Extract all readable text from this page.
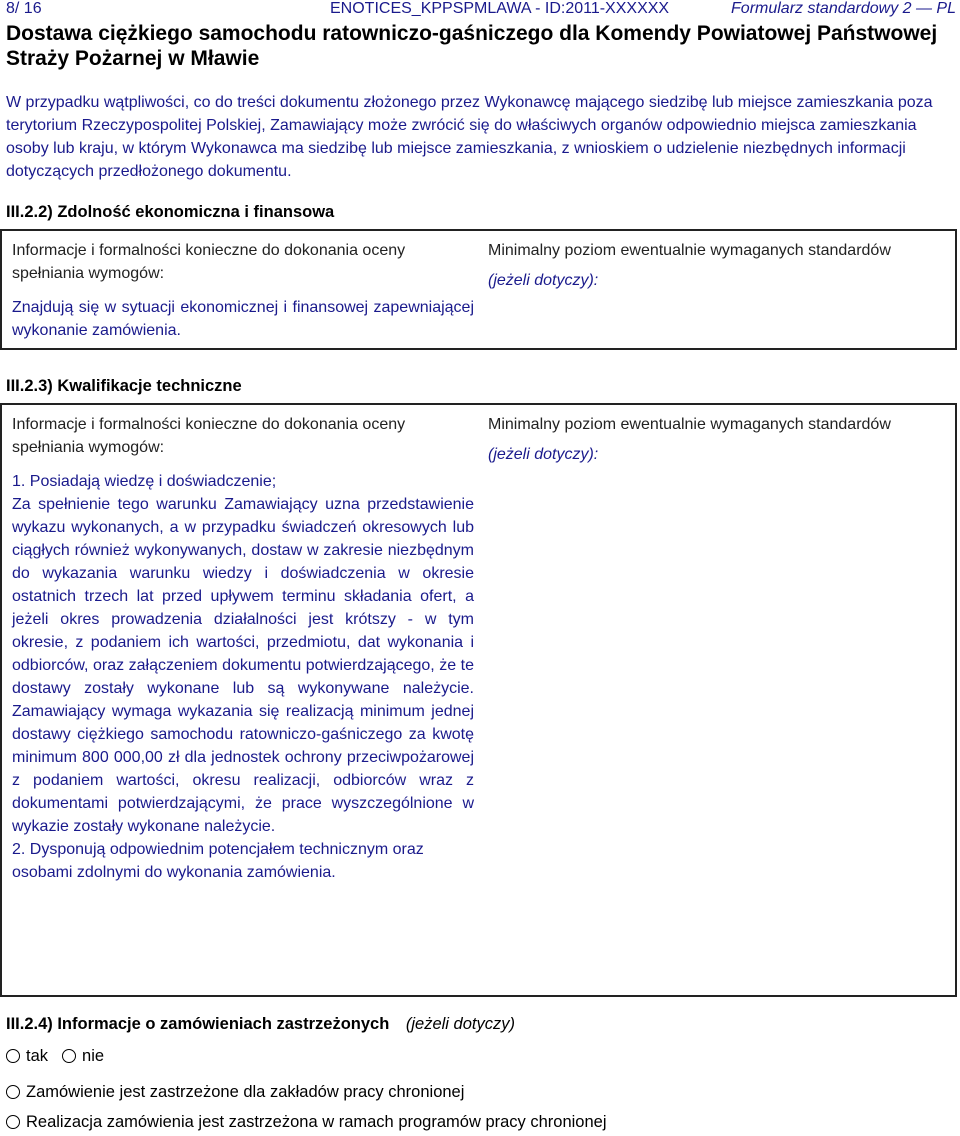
8/ 16	ENOTICES_KPPSPMLAWA - ID:2011-XXXXXX	Formularz standardowy 2 — PL
Dostawa ciężkiego samochodu ratowniczo-gaśniczego dla Komendy Powiatowej Państwowej Straży Pożarnej w Mławie
W przypadku wątpliwości, co do treści dokumentu złożonego przez Wykonawcę mającego siedzibę lub miejsce zamieszkania poza terytorium Rzeczypospolitej Polskiej, Zamawiający może zwrócić się do właściwych organów odpowiednio miejsca zamieszkania osoby lub kraju, w którym Wykonawca ma siedzibę lub miejsce zamieszkania, z wnioskiem o udzielenie niezbędnych informacji dotyczących przedłożonego dokumentu.
III.2.2) Zdolność ekonomiczna i finansowa
Informacje i formalności konieczne do dokonania oceny spełniania wymogów:
Znajdują się w sytuacji ekonomicznej i finansowej zapewniającej wykonanie zamówienia.
Minimalny poziom ewentualnie wymaganych standardów
(jeżeli dotyczy):
III.2.3) Kwalifikacje techniczne
Informacje i formalności konieczne do dokonania oceny spełniania wymogów:
1. Posiadają wiedzę i doświadczenie;
Za spełnienie tego warunku Zamawiający uzna przedstawienie wykazu wykonanych, a w przypadku świadczeń okresowych lub ciągłych również wykonywanych, dostaw w zakresie niezbędnym do wykazania warunku wiedzy i doświadczenia w okresie ostatnich trzech lat przed upływem terminu składania ofert, a jeżeli okres prowadzenia działalności jest krótszy - w tym okresie, z podaniem ich wartości, przedmiotu, dat wykonania i odbiorców, oraz załączeniem dokumentu potwierdzającego, że te dostawy zostały wykonane lub są wykonywane należycie. Zamawiający wymaga wykazania się realizacją minimum jednej dostawy ciężkiego samochodu ratowniczo-gaśniczego za kwotę minimum 800 000,00 zł dla jednostek ochrony przeciwpożarowej z podaniem wartości, okresu realizacji, odbiorców wraz z dokumentami potwierdzającymi, że prace wyszczególnione w wykazie zostały wykonane należycie.
2. Dysponują odpowiednim potencjałem technicznym oraz osobami zdolnymi do wykonania zamówienia.
Minimalny poziom ewentualnie wymaganych standardów
(jeżeli dotyczy):
III.2.4) Informacje o zamówieniach zastrzeżonych (jeżeli dotyczy)
tak nie
Zamówienie jest zastrzeżone dla zakładów pracy chronionej
Realizacja zamówienia jest zastrzeżona w ramach programów pracy chronionej
